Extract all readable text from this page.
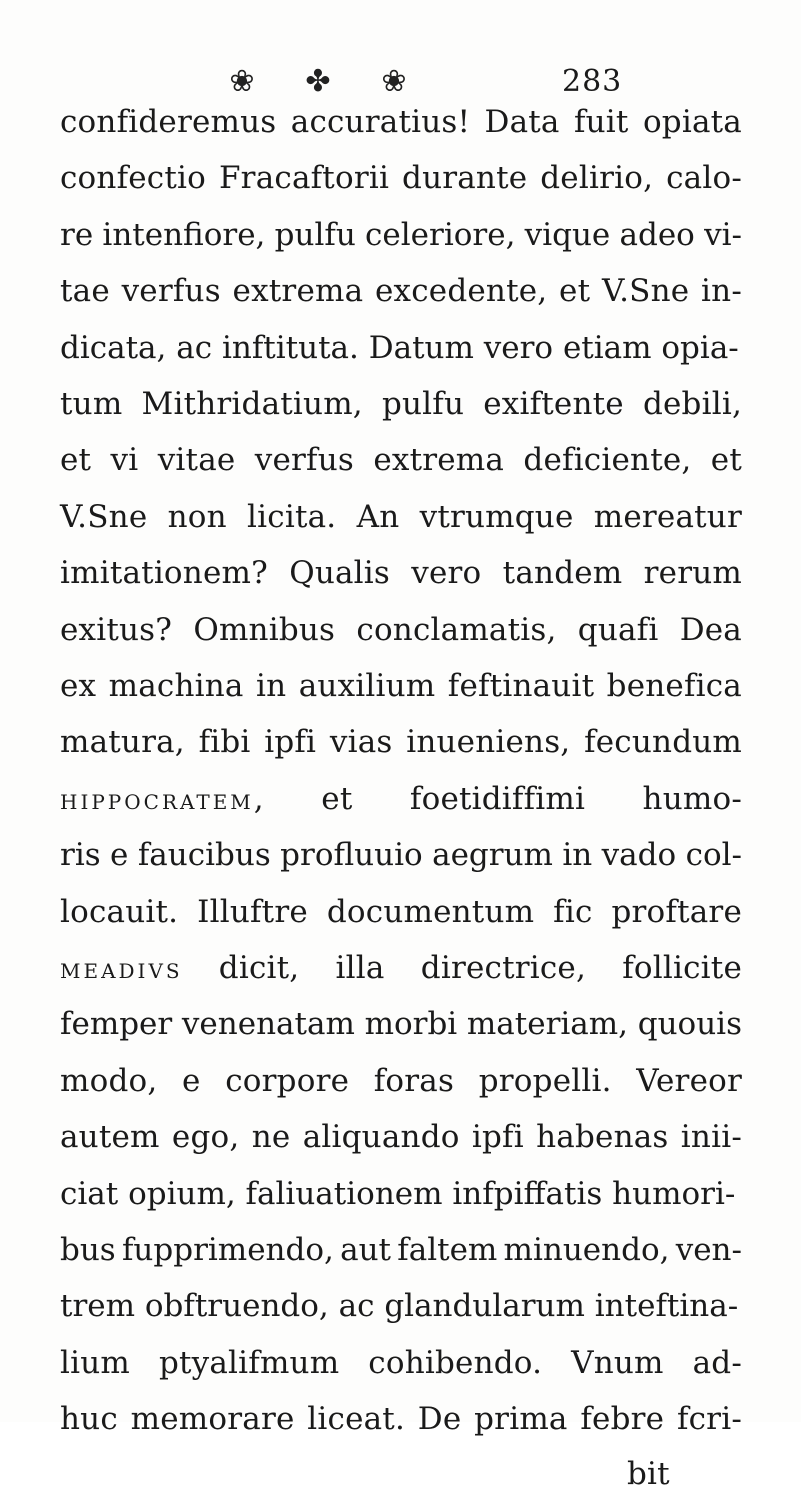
❀ ✤ ❀	283
confideremus accuratius! Data fuit opiata
confectio Fracaftorii durante delirio, calo-
re intenfiore, pulfu celeriore, vique adeo vi-
tae verfus extrema excedente, et V.Sne in-
dicata, ac inftituta. Datum vero etiam opia-
tum Mithridatium, pulfu exiftente debili,
et vi vitae verfus extrema deficiente, et
V.Sne non licita. An vtrumque mereatur
imitationem? Qualis vero tandem rerum
exitus? Omnibus conclamatis, quafi Dea
ex machina in auxilium feftinauit benefica
matura, fibi ipfi vias inueniens, fecundum
HIPPOCRATEM, et foetidiffimi humo-
ris e faucibus profluuio aegrum in vado col-
locauit. Illuftre documentum fic proftare
MEADIVS dicit, illa directrice, follicite
femper venenatam morbi materiam, quouis
modo, e corpore foras propelli. Vereor
autem ego, ne aliquando ipfi habenas inii-
ciat opium, faliuationem infpiffatis humori-
bus fupprimendo, aut faltem minuendo, ven-
trem obftruendo, ac glandularum inteftina-
lium ptyalifmum cohibendo. Vnum ad-
huc memorare liceat. De prima febre fcri-
bit
